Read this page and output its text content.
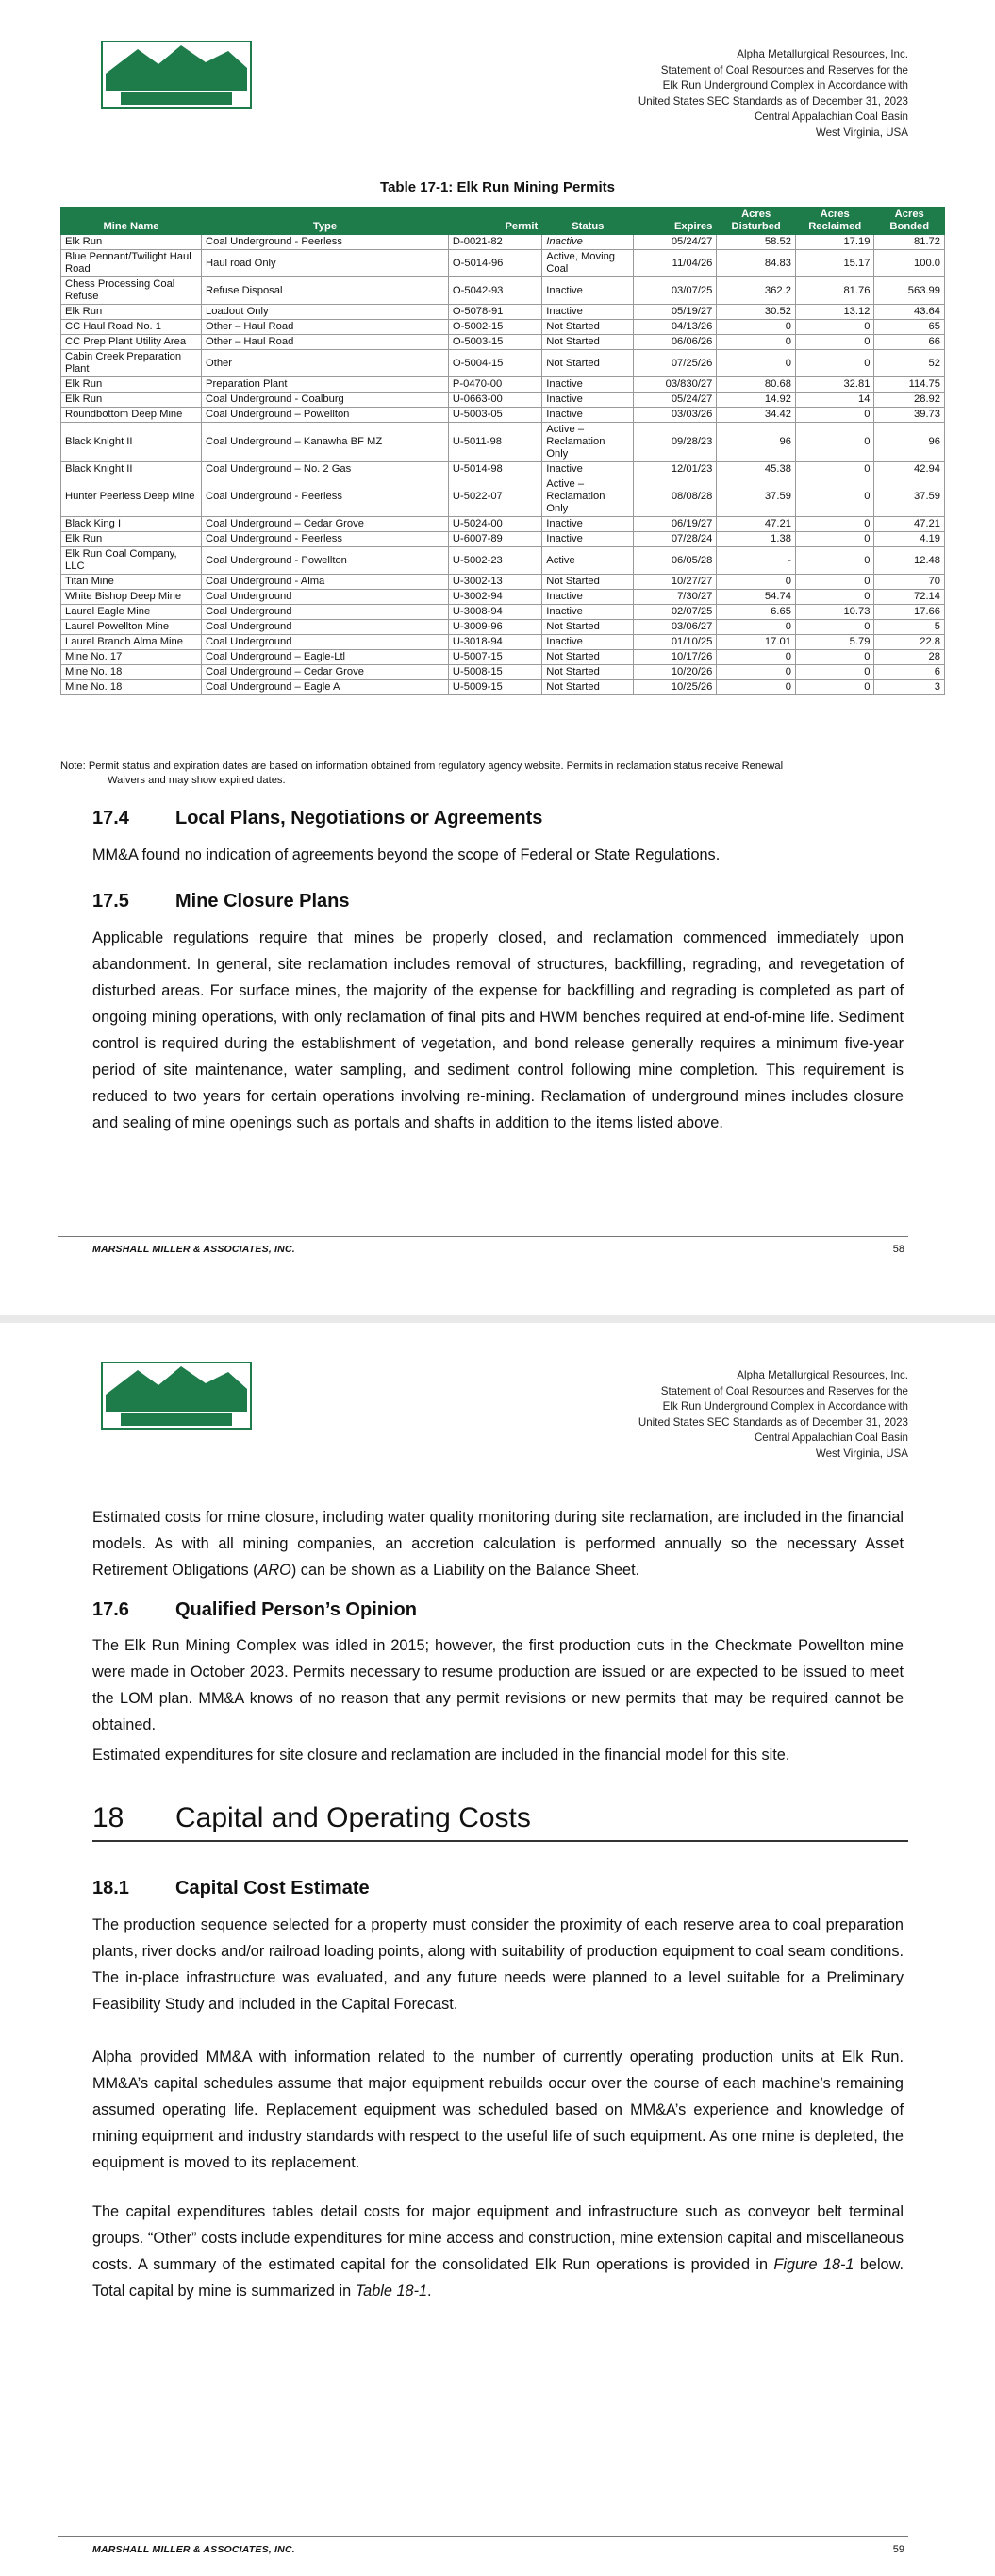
Alpha Metallurgical Resources, Inc.
Statement of Coal Resources and Reserves for the
Elk Run Underground Complex in Accordance with
United States SEC Standards as of December 31, 2023
Central Appalachian Coal Basin
West Virginia, USA
Table 17-1: Elk Run Mining Permits
Mine Name	Type	Permit	Status	Expires	Acres Disturbed	Acres Reclaimed	Acres Bonded
Elk Run	Coal Underground - Peerless	D-0021-82	Inactive	05/24/27	58.52	17.19	81.72
Blue Pennant/Twilight Haul Road	Haul road Only	O-5014-96	Active, Moving Coal	11/04/26	84.83	15.17	100.0
Chess Processing Coal Refuse	Refuse Disposal	O-5042-93	Inactive	03/07/25	362.2	81.76	563.99
Elk Run	Loadout Only	O-5078-91	Inactive	05/19/27	30.52	13.12	43.64
CC Haul Road No. 1	Other – Haul Road	O-5002-15	Not Started	04/13/26	0	0	65
CC Prep Plant Utility Area	Other – Haul Road	O-5003-15	Not Started	06/06/26	0	0	66
Cabin Creek Preparation Plant	Other	O-5004-15	Not Started	07/25/26	0	0	52
Elk Run	Preparation Plant	P-0470-00	Inactive	03/830/27	80.68	32.81	114.75
Elk Run	Coal Underground - Coalburg	U-0663-00	Inactive	05/24/27	14.92	14	28.92
Roundbottom Deep Mine	Coal Underground – Powellton	U-5003-05	Inactive	03/03/26	34.42	0	39.73
Black Knight II	Coal Underground – Kanawha BF MZ	U-5011-98	Active – Reclamation Only	09/28/23	96	0	96
Black Knight II	Coal Underground – No. 2 Gas	U-5014-98	Inactive	12/01/23	45.38	0	42.94
Hunter Peerless Deep Mine	Coal Underground - Peerless	U-5022-07	Active – Reclamation Only	08/08/28	37.59	0	37.59
Black King I	Coal Underground – Cedar Grove	U-5024-00	Inactive	06/19/27	47.21	0	47.21
Elk Run	Coal Underground - Peerless	U-6007-89	Inactive	07/28/24	1.38	0	4.19
Elk Run Coal Company, LLC	Coal Underground - Powellton	U-5002-23	Active	06/05/28	-	0	12.48
Titan Mine	Coal Underground - Alma	U-3002-13	Not Started	10/27/27	0	0	70
White Bishop Deep Mine	Coal Underground	U-3002-94	Inactive	7/30/27	54.74	0	72.14
Laurel Eagle Mine	Coal Underground	U-3008-94	Inactive	02/07/25	6.65	10.73	17.66
Laurel Powellton Mine	Coal Underground	U-3009-96	Not Started	03/06/27	0	0	5
Laurel Branch Alma Mine	Coal Underground	U-3018-94	Inactive	01/10/25	17.01	5.79	22.8
Mine No. 17	Coal Underground – Eagle-Ltl	U-5007-15	Not Started	10/17/26	0	0	28
Mine No. 18	Coal Underground – Cedar Grove	U-5008-15	Not Started	10/20/26	0	0	6
Mine No. 18	Coal Underground – Eagle A	U-5009-15	Not Started	10/25/26	0	0	3
Note: Permit status and expiration dates are based on information obtained from regulatory agency website. Permits in reclamation status receive Renewal
Waivers and may show expired dates.
17.4 Local Plans, Negotiations or Agreements
MM&A found no indication of agreements beyond the scope of Federal or State Regulations.
17.5 Mine Closure Plans
Applicable regulations require that mines be properly closed, and reclamation commenced immediately upon abandonment. In general, site reclamation includes removal of structures, backfilling, regrading, and revegetation of disturbed areas. For surface mines, the majority of the expense for backfilling and regrading is completed as part of ongoing mining operations, with only reclamation of final pits and HWM benches required at end-of-mine life. Sediment control is required during the establishment of vegetation, and bond release generally requires a minimum five-year period of site maintenance, water sampling, and sediment control following mine completion. This requirement is reduced to two years for certain operations involving re-mining. Reclamation of underground mines includes closure and sealing of mine openings such as portals and shafts in addition to the items listed above.
MARSHALL MILLER & ASSOCIATES, INC.	58
Alpha Metallurgical Resources, Inc.
Statement of Coal Resources and Reserves for the
Elk Run Underground Complex in Accordance with
United States SEC Standards as of December 31, 2023
Central Appalachian Coal Basin
West Virginia, USA
Estimated costs for mine closure, including water quality monitoring during site reclamation, are included in the financial models. As with all mining companies, an accretion calculation is performed annually so the necessary Asset Retirement Obligations (ARO) can be shown as a Liability on the Balance Sheet.
17.6 Qualified Person’s Opinion
The Elk Run Mining Complex was idled in 2015; however, the first production cuts in the Checkmate Powellton mine were made in October 2023. Permits necessary to resume production are issued or are expected to be issued to meet the LOM plan. MM&A knows of no reason that any permit revisions or new permits that may be required cannot be obtained.
Estimated expenditures for site closure and reclamation are included in the financial model for this site.
18 Capital and Operating Costs
18.1 Capital Cost Estimate
The production sequence selected for a property must consider the proximity of each reserve area to coal preparation plants, river docks and/or railroad loading points, along with suitability of production equipment to coal seam conditions. The in-place infrastructure was evaluated, and any future needs were planned to a level suitable for a Preliminary Feasibility Study and included in the Capital Forecast.
Alpha provided MM&A with information related to the number of currently operating production units at Elk Run. MM&A’s capital schedules assume that major equipment rebuilds occur over the course of each machine’s remaining assumed operating life. Replacement equipment was scheduled based on MM&A’s experience and knowledge of mining equipment and industry standards with respect to the useful life of such equipment. As one mine is depleted, the equipment is moved to its replacement.
The capital expenditures tables detail costs for major equipment and infrastructure such as conveyor belt terminal groups. “Other” costs include expenditures for mine access and construction, mine extension capital and miscellaneous costs. A summary of the estimated capital for the consolidated Elk Run operations is provided in Figure 18-1 below. Total capital by mine is summarized in Table 18-1.
MARSHALL MILLER & ASSOCIATES, INC.	59
